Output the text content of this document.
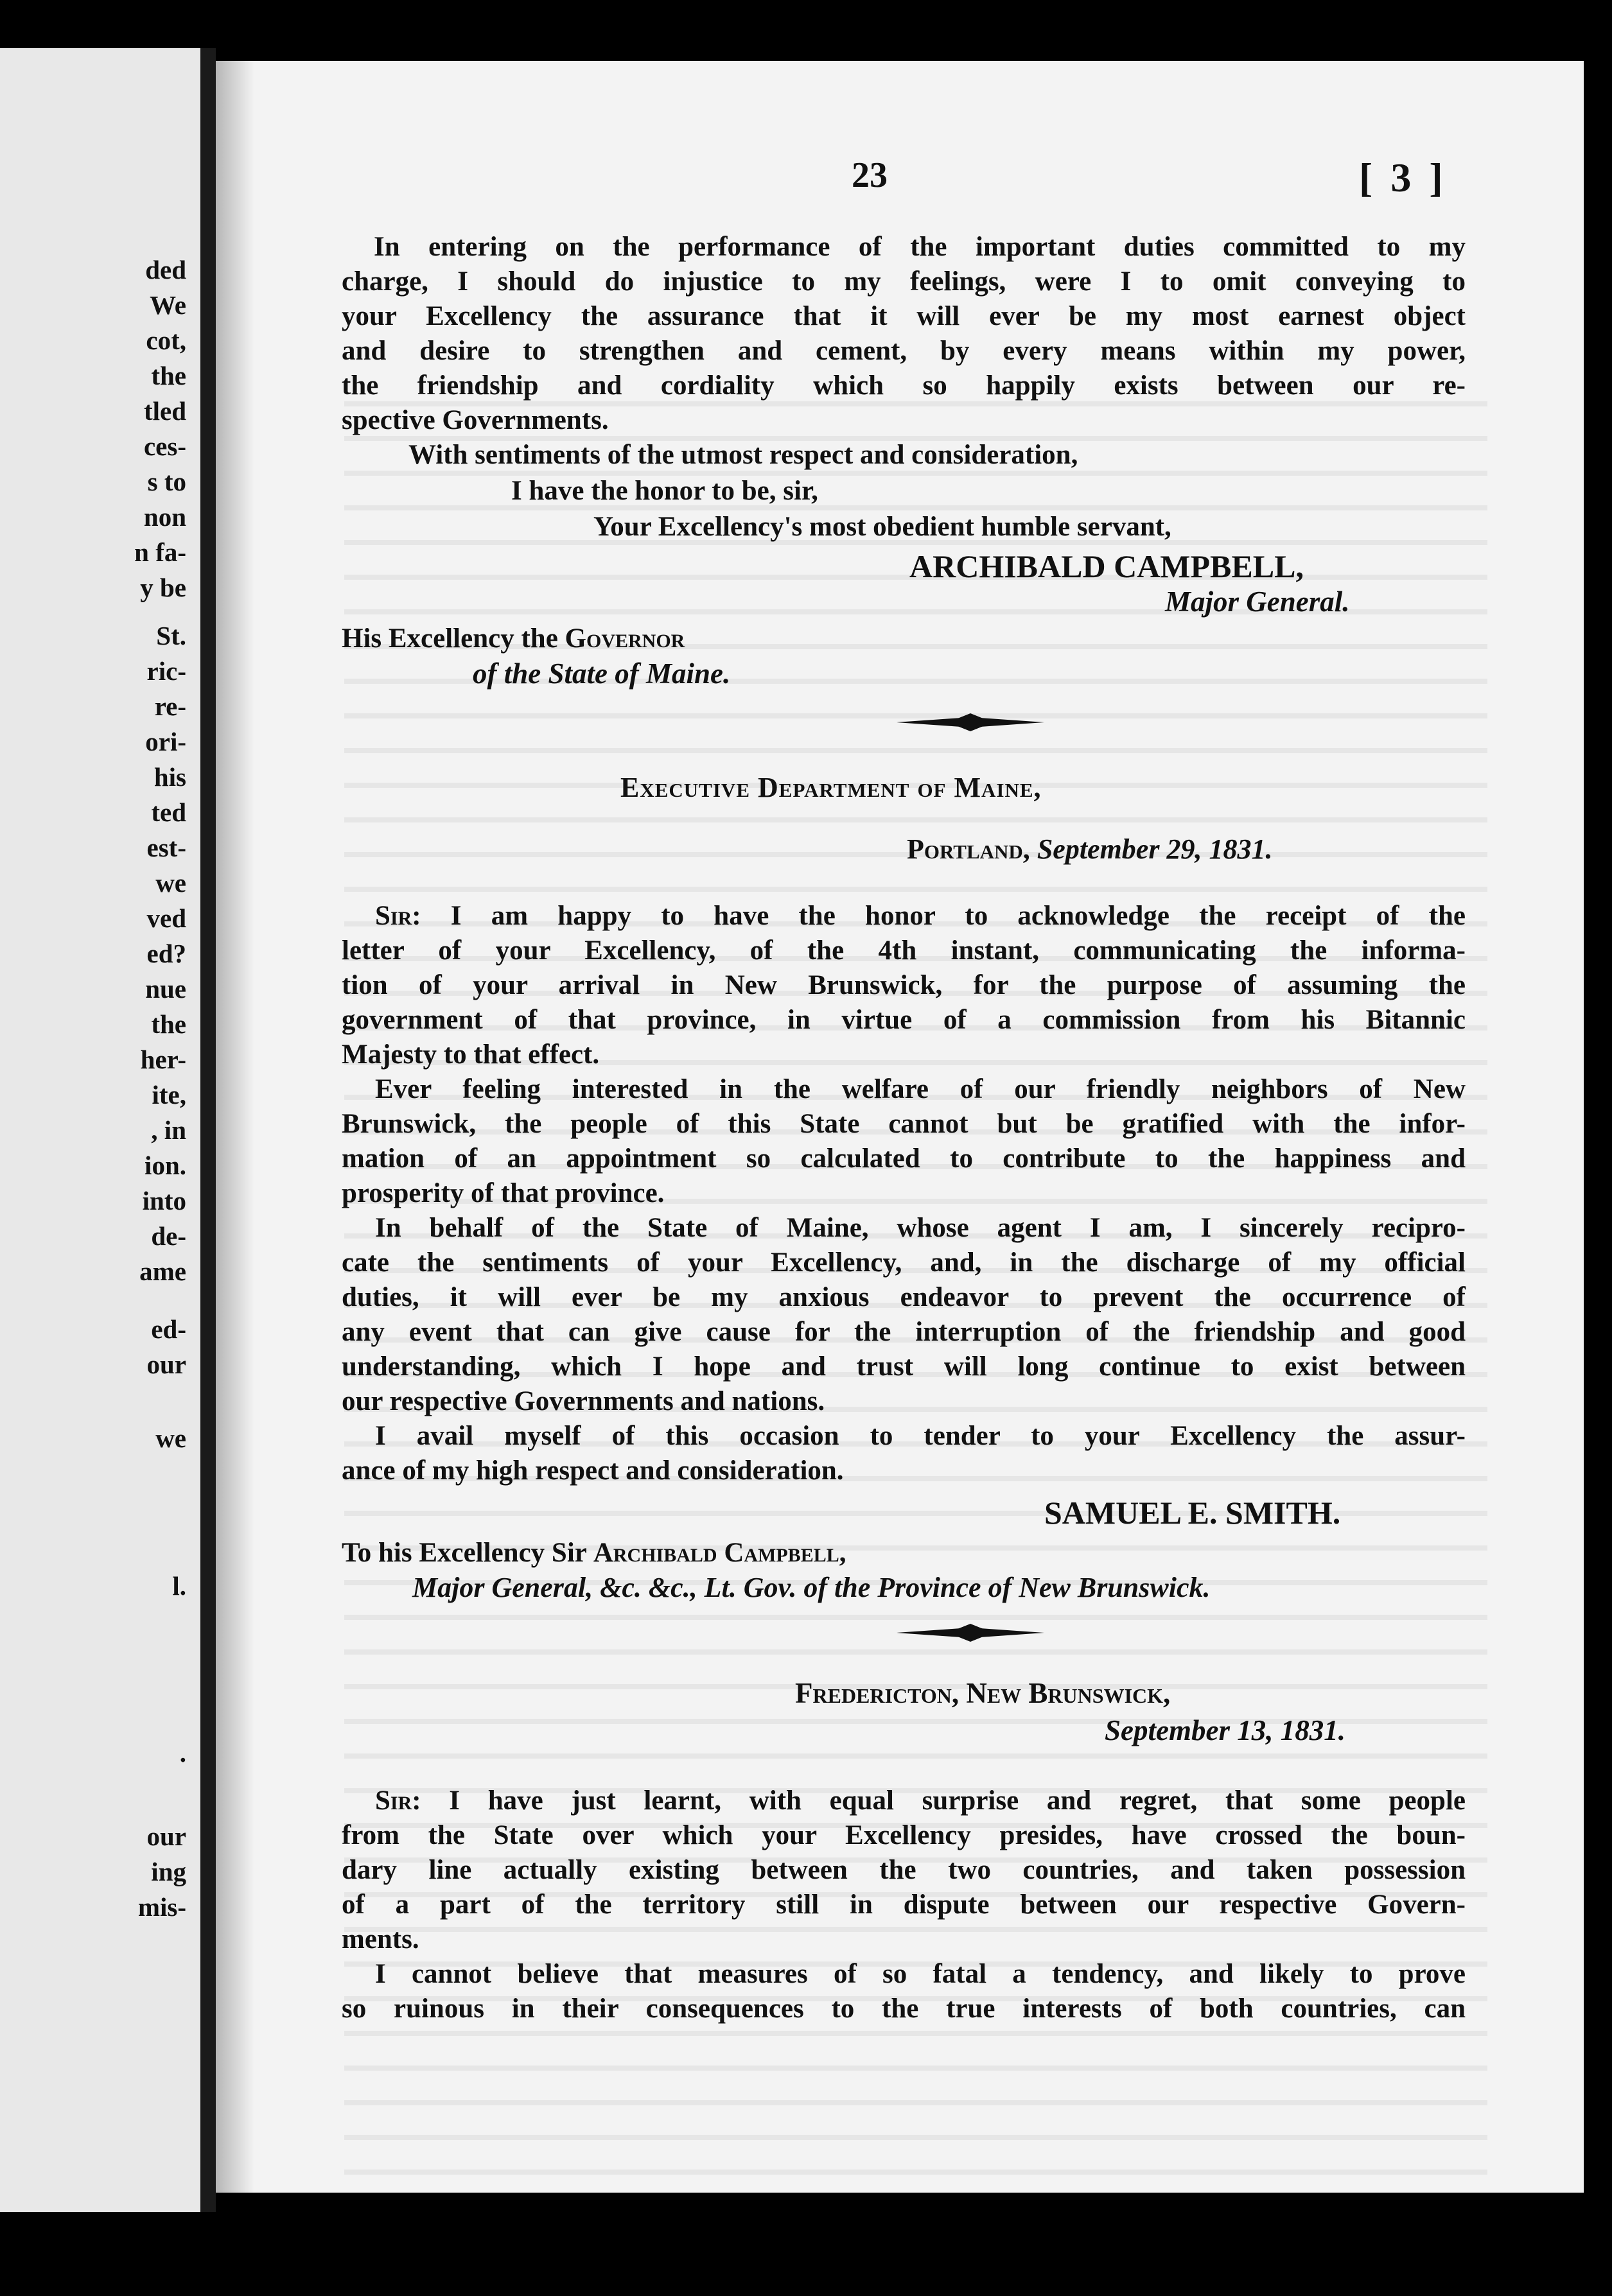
ded
We
cot,
the
tled
ces-
s to
non
n fa-
y be
St.
ric-
re-
ori-
his
ted
est-
we
ved
ed?
nue
the
her-
ite,
, in
ion.
into
de-
ame
ed-
our
we
l.
.
our
ing
mis-
23	[ 3 ]
In entering on the performance of the important duties committed to my
charge, I should do injustice to my feelings, were I to omit conveying to
your Excellency the assurance that it will ever be my most earnest object
and desire to strengthen and cement, by every means within my power,
the friendship and cordiality which so happily exists between our re-
spective Governments.
With sentiments of the utmost respect and consideration,
I have the honor to be, sir,
Your Excellency's most obedient humble servant,
ARCHIBALD CAMPBELL,
Major General.
His Excellency the Governor
of the State of Maine.
Executive Department of Maine,
Portland, September 29, 1831.
Sir: I am happy to have the honor to acknowledge the receipt of the
letter of your Excellency, of the 4th instant, communicating the informa-
tion of your arrival in New Brunswick, for the purpose of assuming the
government of that province, in virtue of a commission from his Bitannic
Majesty to that effect.
Ever feeling interested in the welfare of our friendly neighbors of New
Brunswick, the people of this State cannot but be gratified with the infor-
mation of an appointment so calculated to contribute to the happiness and
prosperity of that province.
In behalf of the State of Maine, whose agent I am, I sincerely recipro-
cate the sentiments of your Excellency, and, in the discharge of my official
duties, it will ever be my anxious endeavor to prevent the occurrence of
any event that can give cause for the interruption of the friendship and good
understanding, which I hope and trust will long continue to exist between
our respective Governments and nations.
I avail myself of this occasion to tender to your Excellency the assur-
ance of my high respect and consideration.
SAMUEL E. SMITH.
To his Excellency Sir Archibald Campbell,
Major General, &c. &c., Lt. Gov. of the Province of New Brunswick.
Fredericton, New Brunswick,
September 13, 1831.
Sir: I have just learnt, with equal surprise and regret, that some people
from the State over which your Excellency presides, have crossed the boun-
dary line actually existing between the two countries, and taken possession
of a part of the territory still in dispute between our respective Govern-
ments.
I cannot believe that measures of so fatal a tendency, and likely to prove
so ruinous in their consequences to the true interests of both countries, can
